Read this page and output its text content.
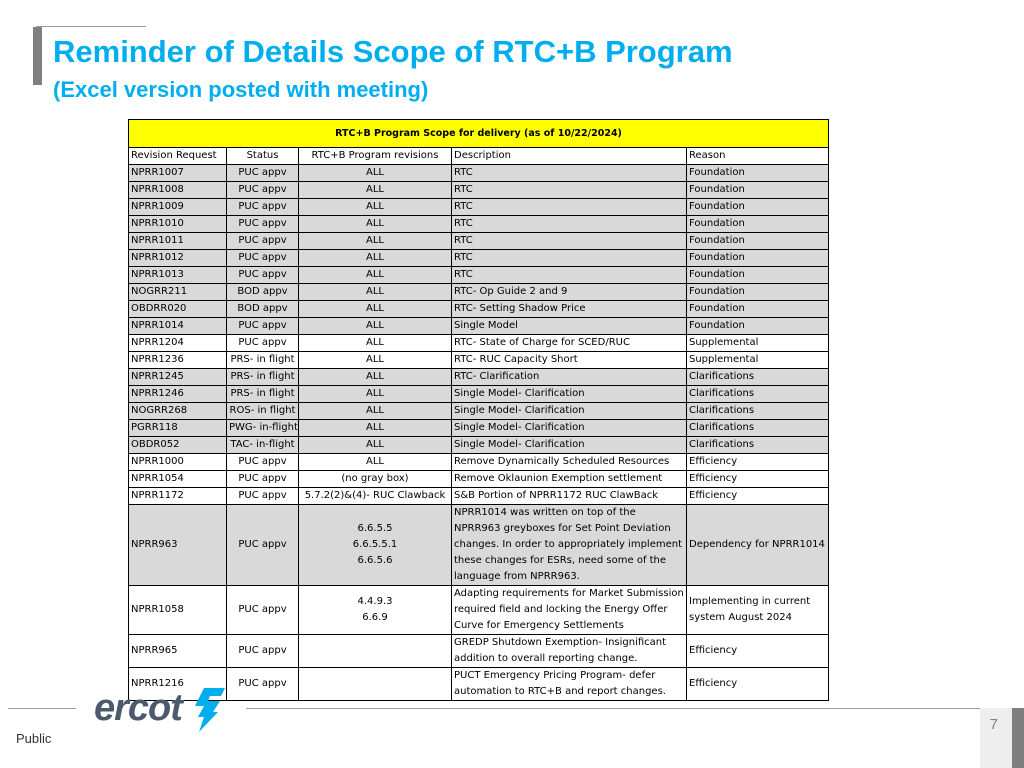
Reminder of Details Scope of RTC+B Program
(Excel version posted with meeting)
RTC+B Program Scope for delivery (as of 10/22/2024)				
Revision Request	Status	RTC+B Program revisions	Description	Reason
NPRR1007	PUC appv	ALL	RTC	Foundation
NPRR1008	PUC appv	ALL	RTC	Foundation
NPRR1009	PUC appv	ALL	RTC	Foundation
NPRR1010	PUC appv	ALL	RTC	Foundation
NPRR1011	PUC appv	ALL	RTC	Foundation
NPRR1012	PUC appv	ALL	RTC	Foundation
NPRR1013	PUC appv	ALL	RTC	Foundation
NOGRR211	BOD appv	ALL	RTC- Op Guide 2 and 9	Foundation
OBDRR020	BOD appv	ALL	RTC- Setting Shadow Price	Foundation
NPRR1014	PUC appv	ALL	Single Model	Foundation
NPRR1204	PUC appv	ALL	RTC- State of Charge for SCED/RUC	Supplemental
NPRR1236	PRS- in flight	ALL	RTC- RUC Capacity Short	Supplemental
NPRR1245	PRS- in flight	ALL	RTC- Clarification	Clarifications
NPRR1246	PRS- in flight	ALL	Single Model- Clarification	Clarifications
NOGRR268	ROS- in flight	ALL	Single Model- Clarification	Clarifications
PGRR118	PWG- in-flight	ALL	Single Model- Clarification	Clarifications
OBDR052	TAC- in-flight	ALL	Single Model- Clarification	Clarifications
NPRR1000	PUC appv	ALL	Remove Dynamically Scheduled Resources	Efficiency
NPRR1054	PUC appv	(no gray box)	Remove Oklaunion Exemption settlement	Efficiency
NPRR1172	PUC appv	5.7.2(2)&(4)- RUC Clawback	S&B Portion of NPRR1172 RUC ClawBack	Efficiency
NPRR963	PUC appv	6.6.5.5
6.6.5.5.1
6.6.5.6	NPRR1014 was written on top of the NPRR963 greyboxes for Set Point Deviation changes. In order to appropriately implement these changes for ESRs, need some of the language from NPRR963.	Dependency for NPRR1014
NPRR1058	PUC appv	4.4.9.3
6.6.9	Adapting requirements for Market Submission required field and locking the Energy Offer Curve for Emergency Settlements	Implementing in current system August 2024
NPRR965	PUC appv		GREDP Shutdown Exemption- Insignificant addition to overall reporting change.	Efficiency
NPRR1216	PUC appv		PUCT Emergency Pricing Program- defer automation to RTC+B and report changes.	Efficiency
ercot	7
Public
